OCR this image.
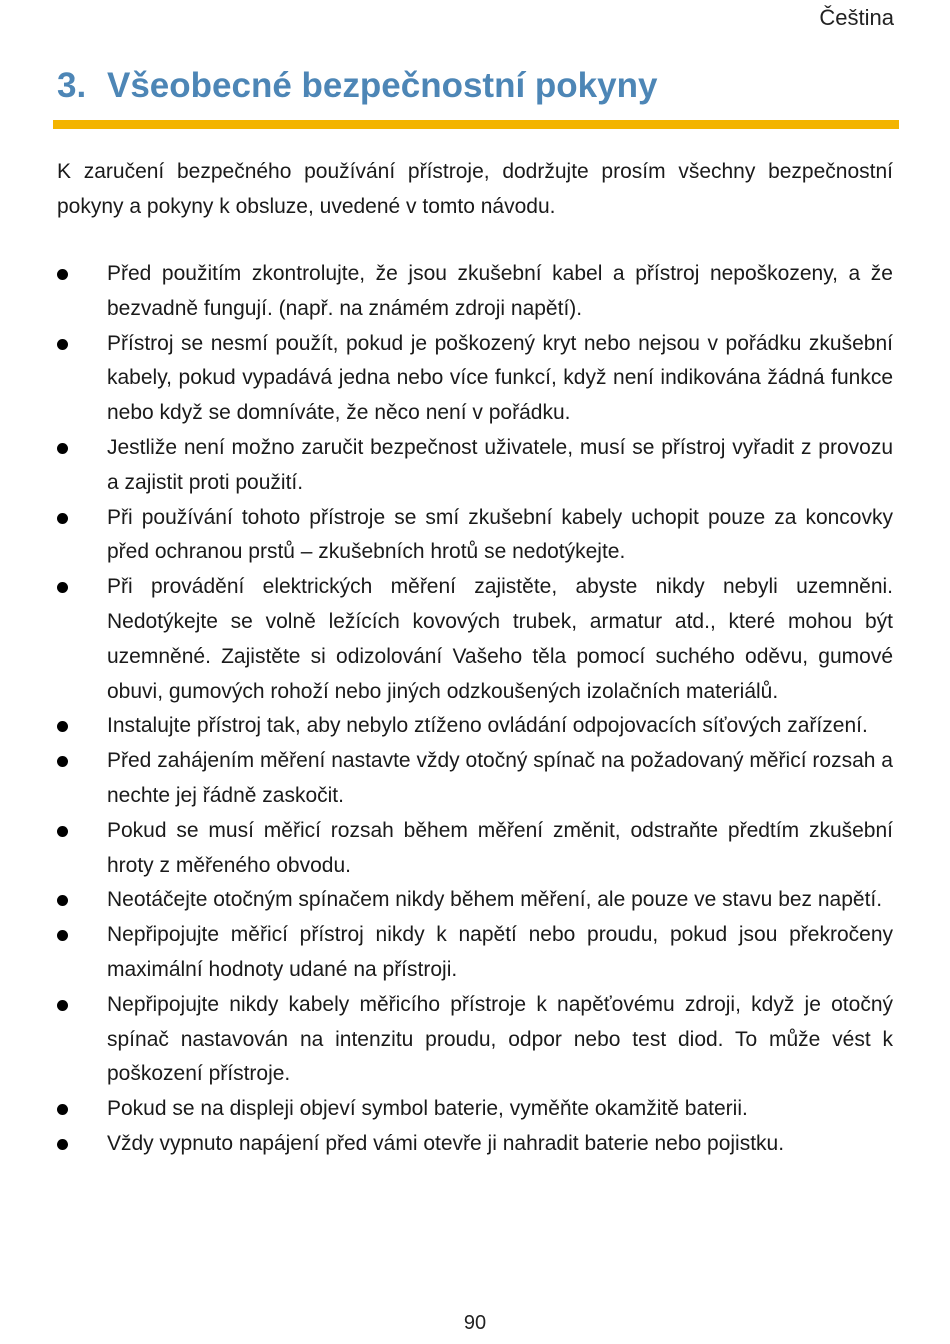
Čeština
3. Všeobecné bezpečnostní pokyny

K zaručení bezpečného používání přístroje, dodržujte prosím všechny bezpečnostní pokyny a pokyny k obsluze, uvedené v tomto návodu.

Před použitím zkontrolujte, že jsou zkušební kabel a přístroj nepoškozeny, a že bezvadně fungují. (např. na známém zdroji napětí).
Přístroj se nesmí použít, pokud je poškozený kryt nebo nejsou v pořádku zkušební kabely, pokud vypadává jedna nebo více funkcí, když není indikována žádná funkce nebo když se domníváte, že něco není v pořádku.
Jestliže není možno zaručit bezpečnost uživatele, musí se přístroj vyřadit z provozu a zajistit proti použití.
Při používání tohoto přístroje se smí zkušební kabely uchopit pouze za koncovky před ochranou prstů – zkušebních hrotů se nedotýkejte.
Při provádění elektrických měření zajistěte, abyste nikdy nebyli uzemněni. Nedotýkejte se volně ležících kovových trubek, armatur atd., které mohou být uzemněné. Zajistěte si odizolování Vašeho těla pomocí suchého oděvu, gumové obuvi, gumových rohoží nebo jiných odzkoušených izolačních materiálů.
Instalujte přístroj tak, aby nebylo ztíženo ovládání odpojovacích síťových zařízení.
Před zahájením měření nastavte vždy otočný spínač na požadovaný měřicí rozsah a nechte jej řádně zaskočit.
Pokud se musí měřicí rozsah během měření změnit, odstraňte předtím zkušební hroty z měřeného obvodu.
Neotáčejte otočným spínačem nikdy během měření, ale pouze ve stavu bez napětí.
Nepřipojujte měřicí přístroj nikdy k napětí nebo proudu, pokud jsou překročeny maximální hodnoty udané na přístroji.
Nepřipojujte nikdy kabely měřicího přístroje k napěťovému zdroji, když je otočný spínač nastavován na intenzitu proudu, odpor nebo test diod. To může vést k poškození přístroje.
Pokud se na displeji objeví symbol baterie, vyměňte okamžitě baterii.
Vždy vypnuto napájení před vámi otevře ji nahradit baterie nebo pojistku.
90
